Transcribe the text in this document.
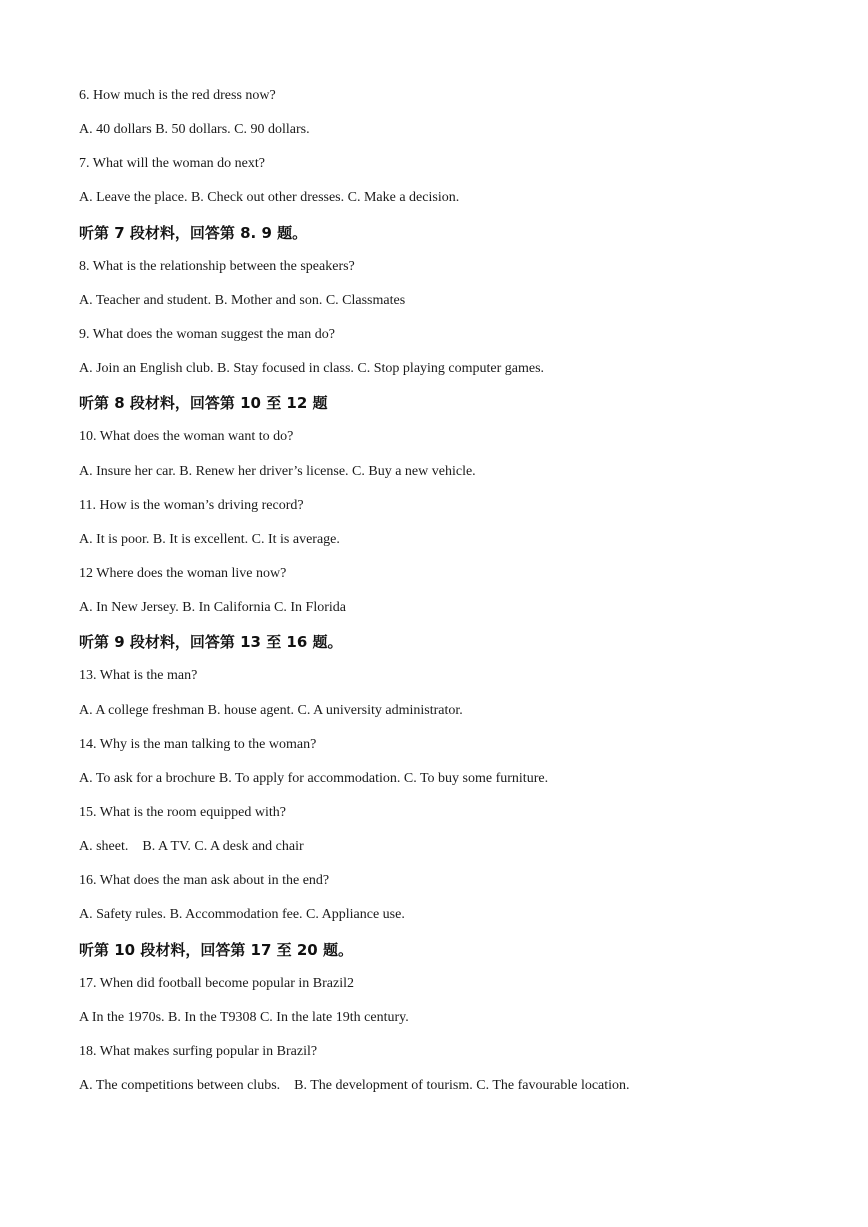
6. How much is the red dress now?
A. 40 dollars B. 50 dollars. C. 90 dollars.
7. What will the woman do next?
A. Leave the place. B. Check out other dresses. C. Make a decision.
听第 7 段材料，回答第 8. 9 题。
8. What is the relationship between the speakers?
A. Teacher and student. B. Mother and son. C. Classmates
9. What does the woman suggest the man do?
A. Join an English club. B. Stay focused in class. C. Stop playing computer games.
听第 8 段材料，回答第 10 至 12 题
10. What does the woman want to do?
A. Insure her car. B. Renew her driver’s license. C. Buy a new vehicle.
11. How is the woman’s driving record?
A. It is poor. B. It is excellent. C. It is average.
12 Where does the woman live now?
A. In New Jersey. B. In California C. In Florida
听第 9 段材料，回答第 13 至 16 题。
13. What is the man?
A. A college freshman B. house agent. C. A university administrator.
14. Why is the man talking to the woman?
A. To ask for a brochure B. To apply for accommodation. C. To buy some furniture.
15. What is the room equipped with?
A. sheet.    B. A TV. C. A desk and chair
16. What does the man ask about in the end?
A. Safety rules. B. Accommodation fee. C. Appliance use.
听第 10 段材料，回答第 17 至 20 题。
17. When did football become popular in Brazil2
A In the 1970s. B. In the T9308 C. In the late 19th century.
18. What makes surfing popular in Brazil?
A. The competitions between clubs.    B. The development of tourism. C. The favourable location.
